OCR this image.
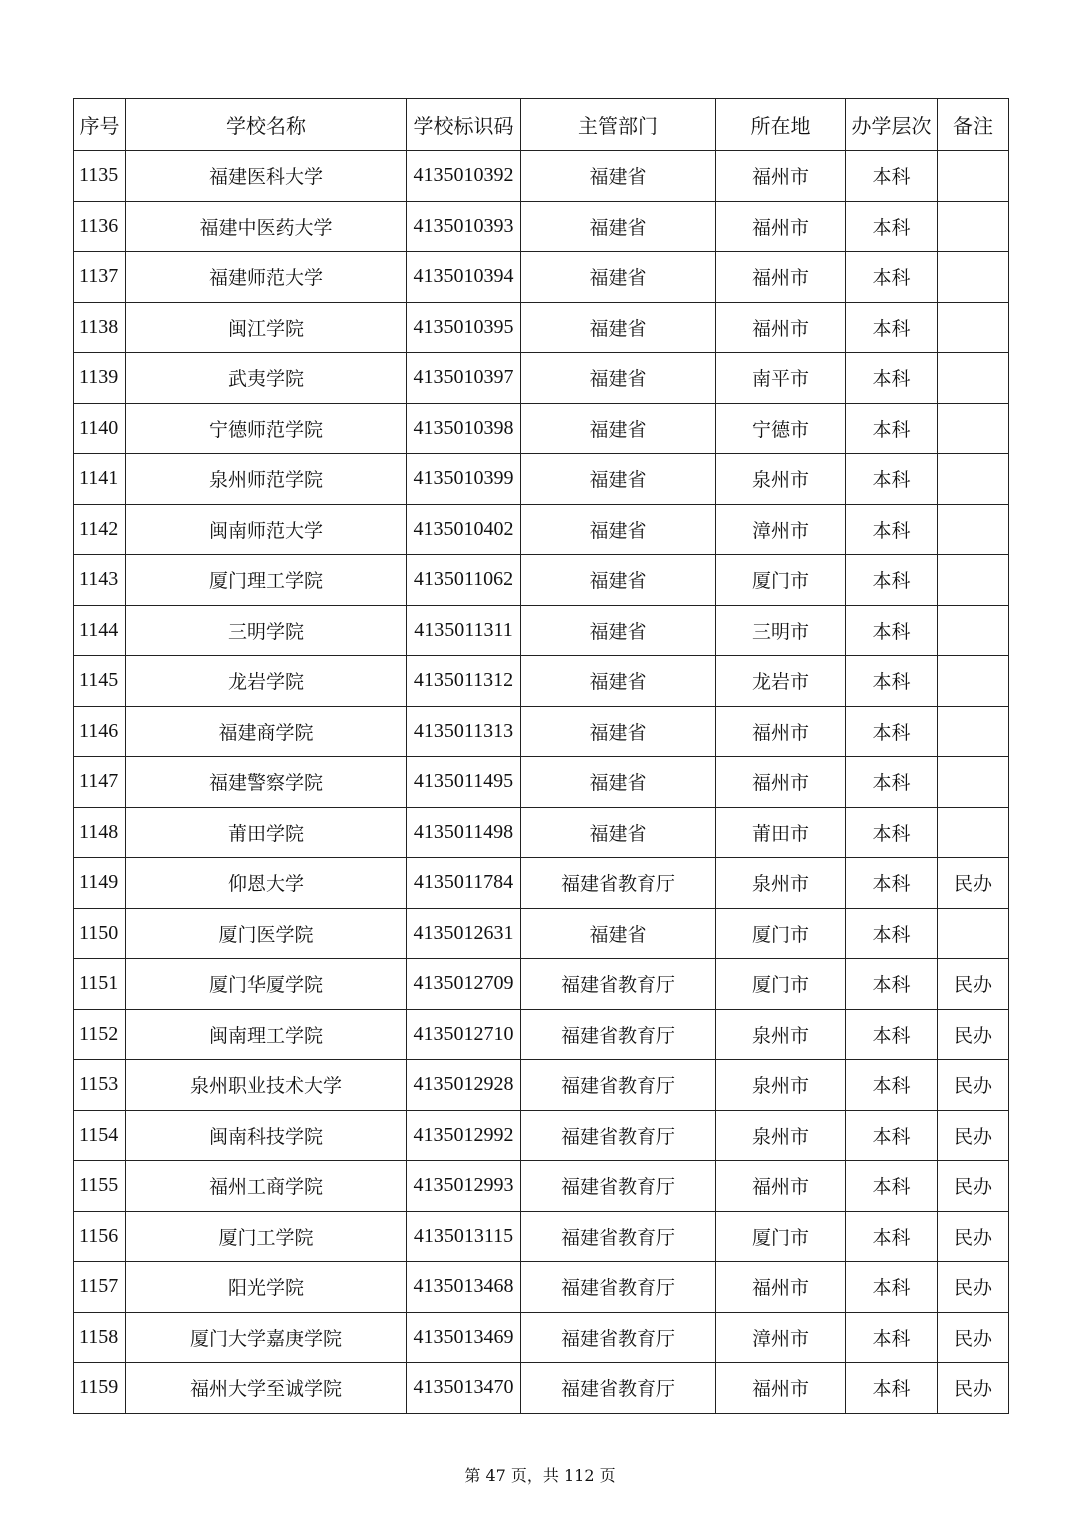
序号	学校名称	学校标识码	主管部门	所在地	办学层次	备注
1135	福建医科大学	4135010392	福建省	福州市	本科	
1136	福建中医药大学	4135010393	福建省	福州市	本科	
1137	福建师范大学	4135010394	福建省	福州市	本科	
1138	闽江学院	4135010395	福建省	福州市	本科	
1139	武夷学院	4135010397	福建省	南平市	本科	
1140	宁德师范学院	4135010398	福建省	宁德市	本科	
1141	泉州师范学院	4135010399	福建省	泉州市	本科	
1142	闽南师范大学	4135010402	福建省	漳州市	本科	
1143	厦门理工学院	4135011062	福建省	厦门市	本科	
1144	三明学院	4135011311	福建省	三明市	本科	
1145	龙岩学院	4135011312	福建省	龙岩市	本科	
1146	福建商学院	4135011313	福建省	福州市	本科	
1147	福建警察学院	4135011495	福建省	福州市	本科	
1148	莆田学院	4135011498	福建省	莆田市	本科	
1149	仰恩大学	4135011784	福建省教育厅	泉州市	本科	民办
1150	厦门医学院	4135012631	福建省	厦门市	本科	
1151	厦门华厦学院	4135012709	福建省教育厅	厦门市	本科	民办
1152	闽南理工学院	4135012710	福建省教育厅	泉州市	本科	民办
1153	泉州职业技术大学	4135012928	福建省教育厅	泉州市	本科	民办
1154	闽南科技学院	4135012992	福建省教育厅	泉州市	本科	民办
1155	福州工商学院	4135012993	福建省教育厅	福州市	本科	民办
1156	厦门工学院	4135013115	福建省教育厅	厦门市	本科	民办
1157	阳光学院	4135013468	福建省教育厅	福州市	本科	民办
1158	厦门大学嘉庚学院	4135013469	福建省教育厅	漳州市	本科	民办
1159	福州大学至诚学院	4135013470	福建省教育厅	福州市	本科	民办
第 47 页，共 112 页
